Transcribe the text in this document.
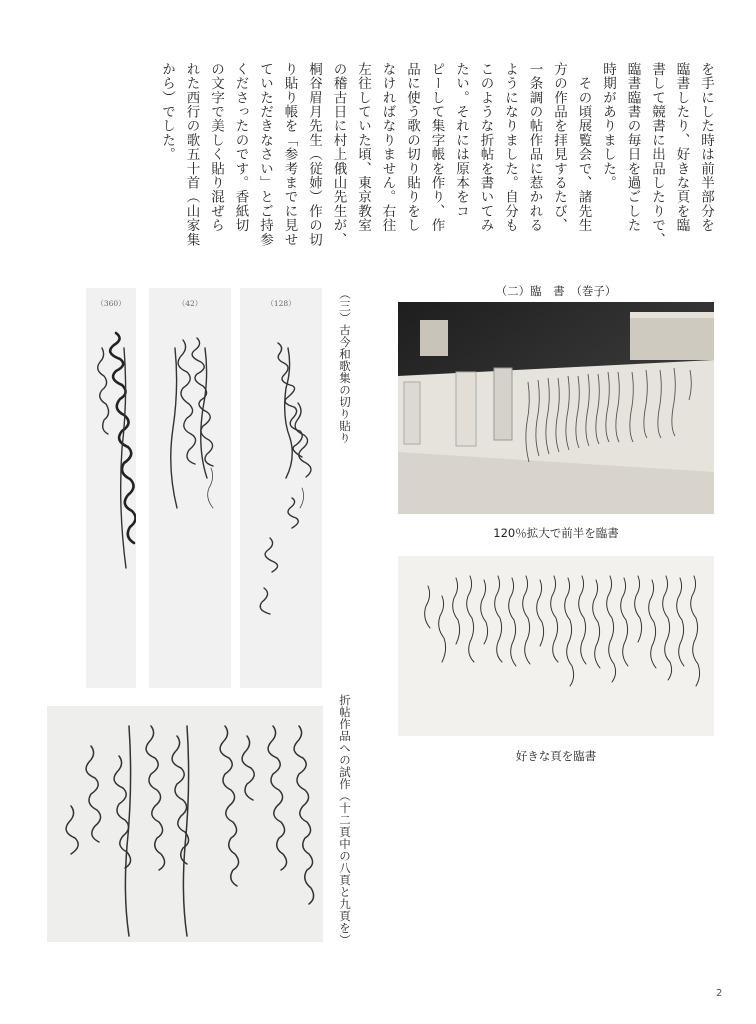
を手にした時は前半部分を
臨書したり、好きな頁を臨
書して競書に出品したりで、
臨書臨書の毎日を過ごした
時期がありました。
　その頃展覧会で、諸先生
方の作品を拝見するたび、
一条調の帖作品に惹かれる
ようになりました。自分も
このような折帖を書いてみ
たい。それには原本をコ
ピーして集字帳を作り、作
品に使う歌の切り貼りをし
なければなりません。右往
左往していた頃、東京教室
の稽古日に村上俄山先生が、
桐谷眉月先生（従姉）作の切
り貼り帳を「参考までに見せ
ていただきなさい」とご持参
くださったのです。香紙切
の文字で美しく貼り混ぜら
れた西行の歌五十首（山家集
から）でした。
（三）古今和歌集の切り貼り
（128）
（42）
（360）
（二）臨　書　（巻子）
120％拡大で前半を臨書
好きな頁を臨書
折帖作品への試作（十二頁中の八頁と九頁を）
2
